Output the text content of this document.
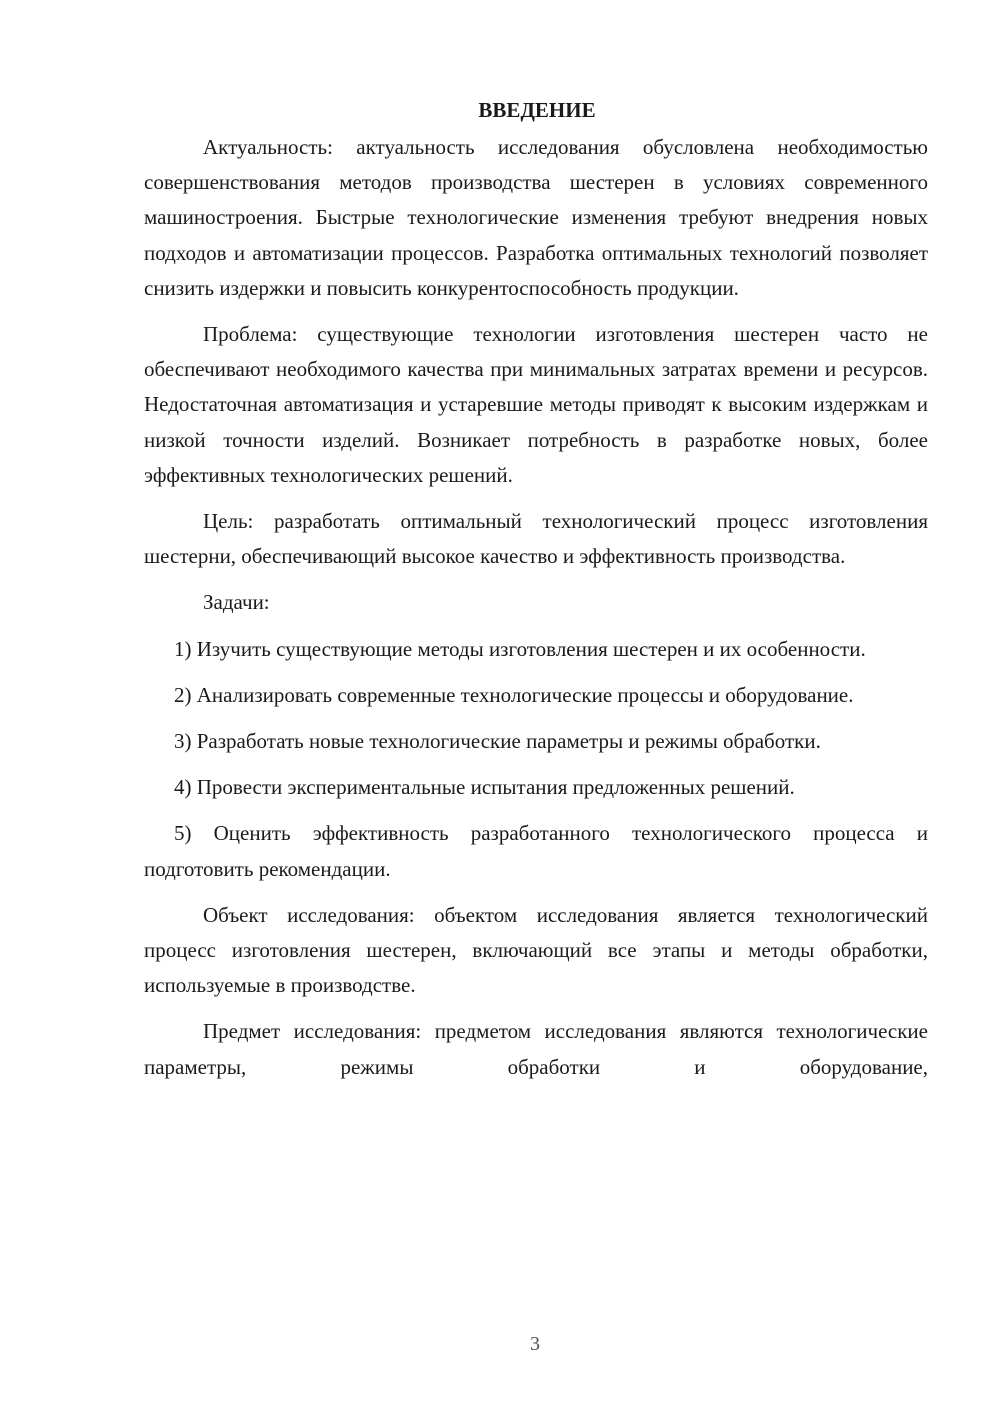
ВВЕДЕНИЕ

Актуальность: актуальность исследования обусловлена необходимостью совершенствования методов производства шестерен в условиях современного машиностроения. Быстрые технологические изменения требуют внедрения новых подходов и автоматизации процессов. Разработка оптимальных технологий позволяет снизить издержки и повысить конкурентоспособность продукции.

Проблема: существующие технологии изготовления шестерен часто не обеспечивают необходимого качества при минимальных затратах времени и ресурсов. Недостаточная автоматизация и устаревшие методы приводят к высоким издержкам и низкой точности изделий. Возникает потребность в разработке новых, более эффективных технологических решений.

Цель: разработать оптимальный технологический процесс изготовления шестерни, обеспечивающий высокое качество и эффективность производства.

Задачи:

1) Изучить существующие методы изготовления шестерен и их особенности.

2) Анализировать современные технологические процессы и оборудование.

3) Разработать новые технологические параметры и режимы обработки.

4) Провести экспериментальные испытания предложенных решений.

5) Оценить эффективность разработанного технологического процесса и подготовить рекомендации.

Объект исследования: объектом исследования является технологический процесс изготовления шестерен, включающий все этапы и методы обработки, используемые в производстве.

Предмет исследования: предметом исследования являются технологические параметры, режимы обработки и оборудование,

3
